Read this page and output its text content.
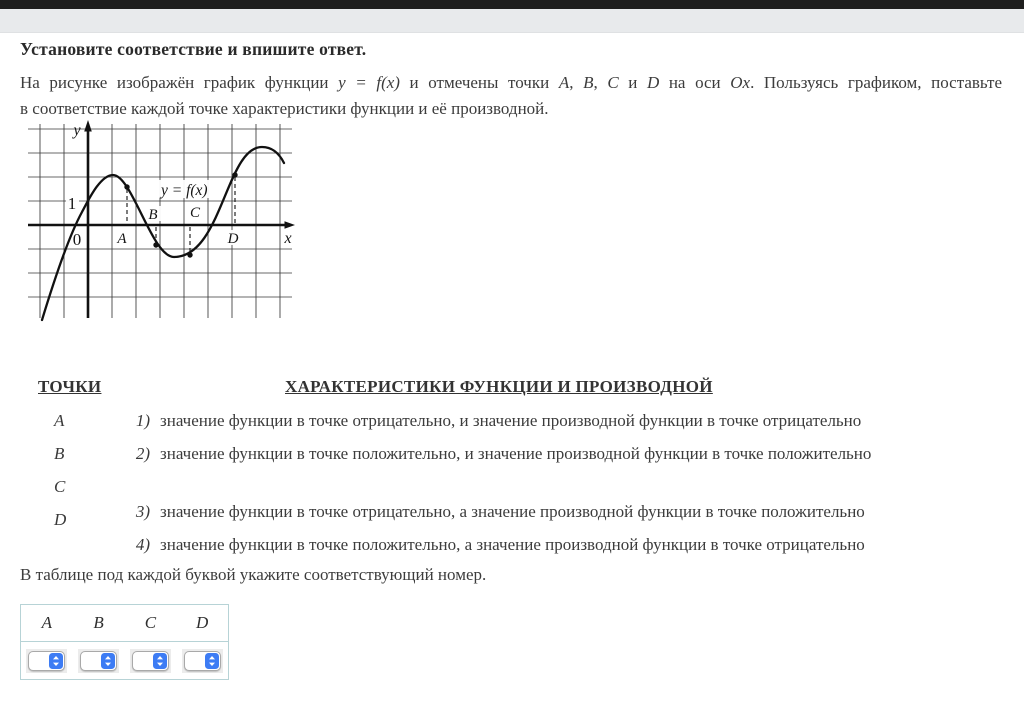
Установите соответствие и впишите ответ.
На рисунке изображён график функции y = f(x) и отмечены точки A, B, C и D на оси Ox. Пользуясь графиком, поставьте
в соответствие каждой точке характеристики функции и её производной.
y
x
1
0
y = f(x)
A
B C
D
ТОЧКИ	ХАРАКТЕРИСТИКИ ФУНКЦИИ И ПРОИЗВОДНОЙ
A
B
C
D
1) значение функции в точке отрицательно, и значение производной функции в точке отрицательно
2) значение функции в точке положительно, и значение производной функции в точке положительно
3) значение функции в точке отрицательно, а значение производной функции в точке положительно
4) значение функции в точке положительно, а значение производной функции в точке отрицательно
В таблице под каждой буквой укажите соответствующий номер.
A	B	C	D
